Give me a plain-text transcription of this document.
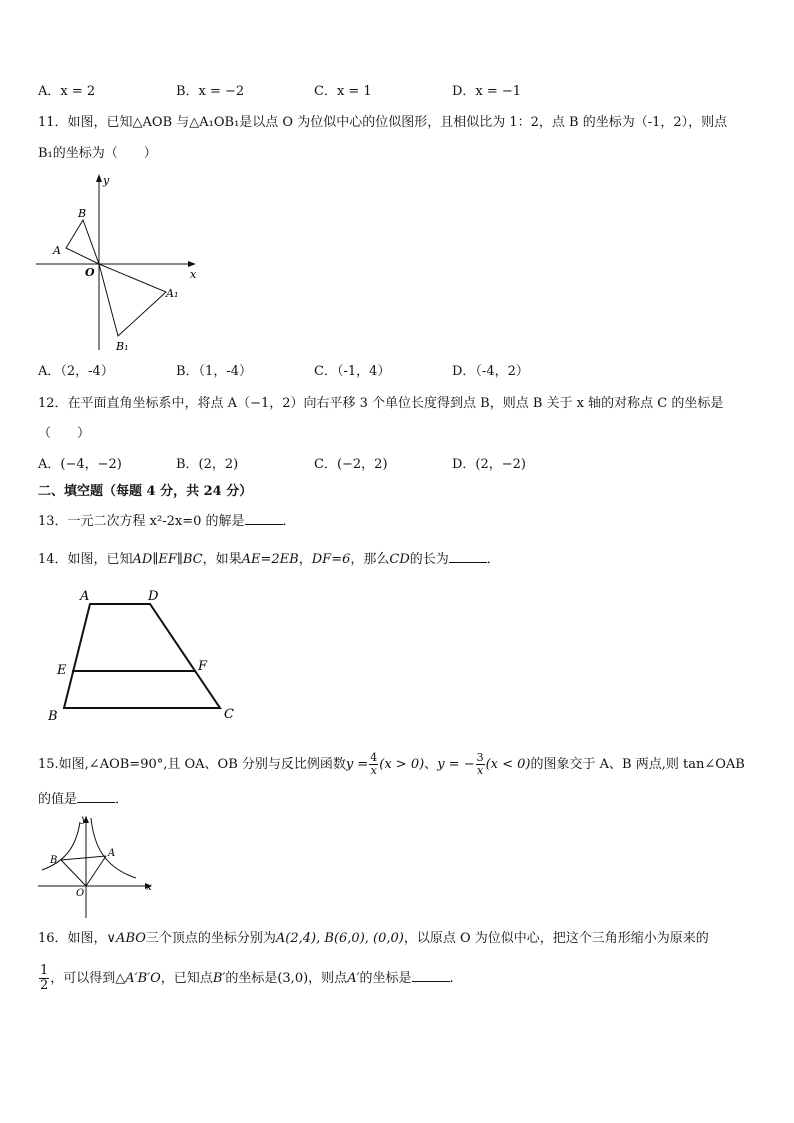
A．x = 2	B．x = −2	C．x = 1	D．x = −1
11．如图，已知△AOB 与△A₁OB₁是以点 O 为位似中心的位似图形，且相似比为 1：2，点 B 的坐标为（-1，2），则点
B₁的坐标为（　　）
y
x
B
A
O
A₁
B₁
A．（2，-4）	B．（1，-4）	C．（-1，4）	D．（-4，2）
12．在平面直角坐标系中，将点 A（−1，2）向右平移 3 个单位长度得到点 B，则点 B 关于 x 轴的对称点 C 的坐标是
（　　）
A．(−4，−2)	B．(2，2)	C．(−2，2)	D．(2，−2)
二、填空题（每题 4 分，共 24 分）
13．一元二次方程 x²-2x=0 的解是	．
14．如图，已知AD∥EF∥BC，如果AE=2EB，DF=6，那么CD的长为	．
A	D
E	F
B	C
15.如图,∠AOB=90°,且 OA、OB 分别与反比例函数$y = \frac{4}{x} (x > 0)$、y = − $\frac{3}{x} (x < 0)$的图象交于 A、B 两点,则 tan∠OAB
的值是	．
y
x
B
A
O
16．如图，∨ABO三个顶点的坐标分别为A(2,4), B(6,0), (0,0)，以原点 O 为位似中心，把这个三角形缩小为原来的
$\frac{1}{2}$ ，可以得到△A′B′O，已知点B′的坐标是(3,0)，则点A′的坐标是	.
